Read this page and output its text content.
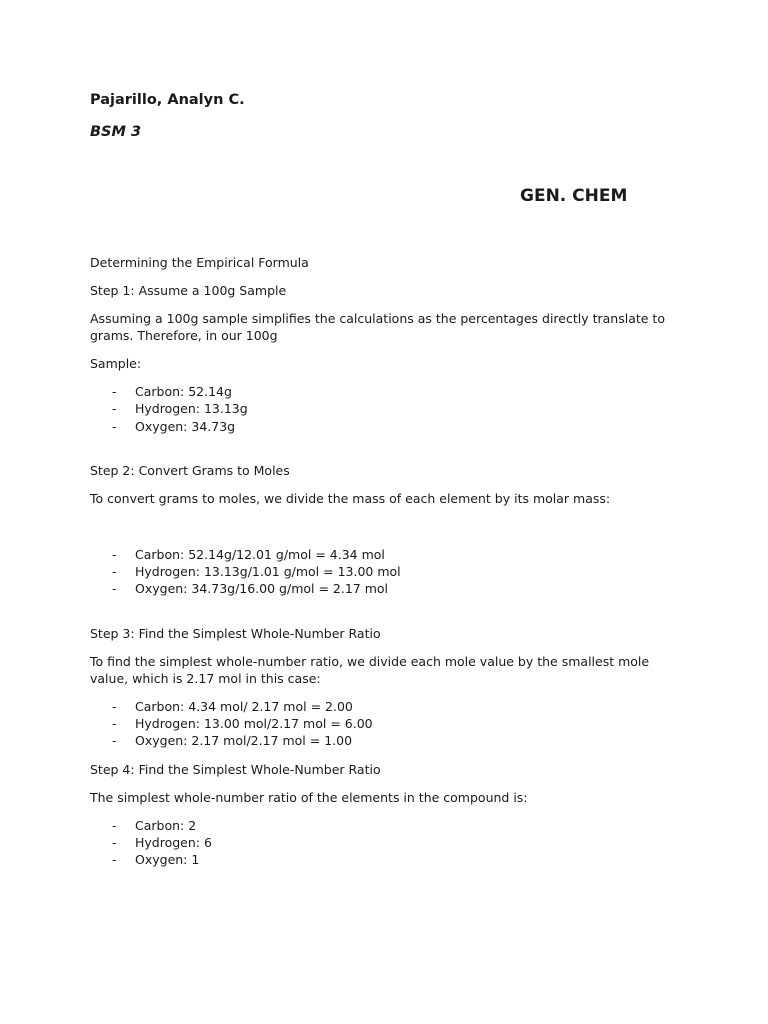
Pajarillo, Analyn C.

BSM 3

GEN. CHEM

Determining the Empirical Formula

Step 1: Assume a 100g Sample

Assuming a 100g sample simplifies the calculations as the percentages directly translate to grams. Therefore, in our 100g

Sample:

- Carbon: 52.14g
- Hydrogen: 13.13g
- Oxygen: 34.73g

Step 2: Convert Grams to Moles

To convert grams to moles, we divide the mass of each element by its molar mass:

- Carbon: 52.14g/12.01 g/mol = 4.34 mol
- Hydrogen: 13.13g/1.01 g/mol = 13.00 mol
- Oxygen: 34.73g/16.00 g/mol = 2.17 mol

Step 3: Find the Simplest Whole-Number Ratio

To find the simplest whole-number ratio, we divide each mole value by the smallest mole value, which is 2.17 mol in this case:

- Carbon: 4.34 mol/ 2.17 mol = 2.00
- Hydrogen: 13.00 mol/2.17 mol = 6.00
- Oxygen: 2.17 mol/2.17 mol = 1.00

Step 4: Find the Simplest Whole-Number Ratio

The simplest whole-number ratio of the elements in the compound is:

- Carbon: 2
- Hydrogen: 6
- Oxygen: 1
